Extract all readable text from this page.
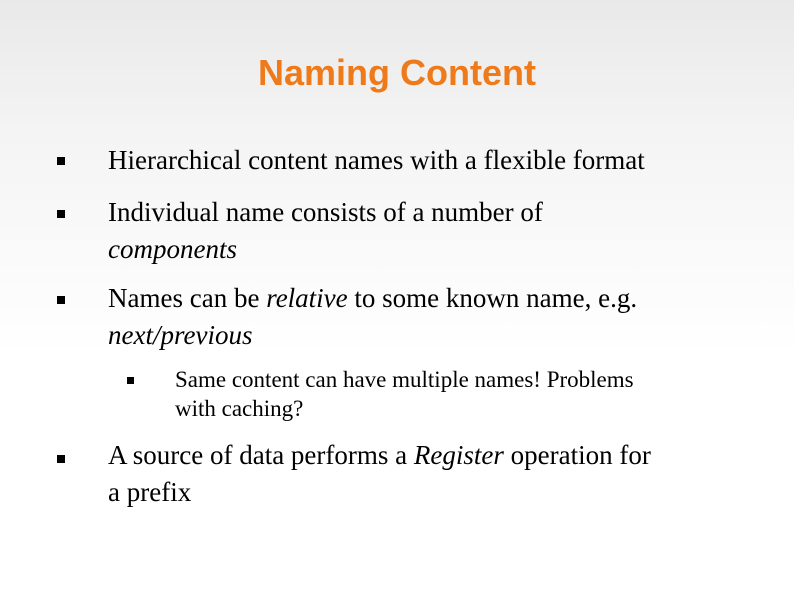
Naming Content
Hierarchical content names with a flexible format
Individual name consists of a number of
components
Names can be relative to some known name, e.g.
next/previous
Same content can have multiple names! Problems
with caching?
A source of data performs a Register operation for
a prefix
